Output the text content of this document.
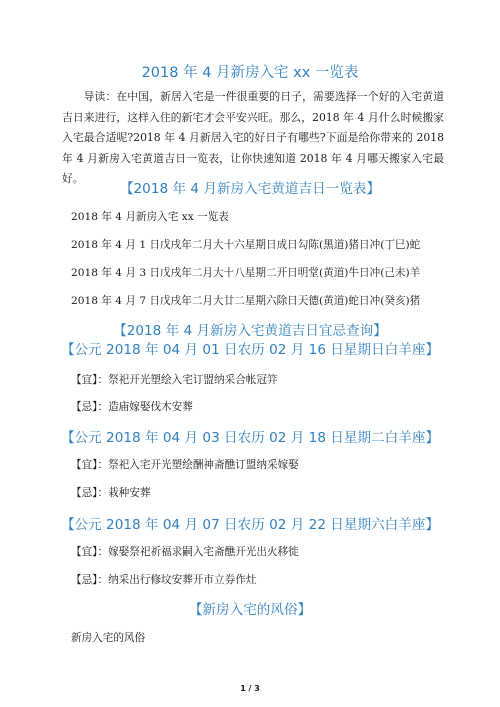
2018 年 4 月新房入宅 xx 一览表
导读：在中国，新居入宅是一件很重要的日子，需要选择一个好的入宅黄道吉日来进行，这样入住的新宅才会平安兴旺。那么，2018 年 4 月什么时候搬家入宅最合适呢?2018 年 4 月新居入宅的好日子有哪些?下面是给你带来的 2018 年 4 月新房入宅黄道吉日一览表，让你快速知道 2018 年 4 月哪天搬家入宅最好。
【2018 年 4 月新房入宅黄道吉日一览表】
2018 年 4 月新房入宅 xx 一览表
2018 年 4 月 1 日戊戌年二月大十六星期日成日勾陈(黑道)猪日冲(丁巳)蛇
2018 年 4 月 3 日戊戌年二月大十八星期二开日明堂(黄道)牛日冲(己未)羊
2018 年 4 月 7 日戊戌年二月大廿二星期六除日天德(黄道)蛇日冲(癸亥)猪
【2018 年 4 月新房入宅黄道吉日宜忌查询】
【公元 2018 年 04 月 01 日农历 02 月 16 日星期日白羊座】
【宜】：祭祀开光塑绘入宅订盟纳采合帐冠笄
【忌】：造庙嫁娶伐木安葬
【公元 2018 年 04 月 03 日农历 02 月 18 日星期二白羊座】
【宜】：祭祀入宅开光塑绘酬神斋醮订盟纳采嫁娶
【忌】：栽种安葬
【公元 2018 年 04 月 07 日农历 02 月 22 日星期六白羊座】
【宜】：嫁娶祭祀祈福求嗣入宅斋醮开光出火移徙
【忌】：纳采出行修坟安葬开市立券作灶
【新房入宅的风俗】
新房入宅的风俗
1 / 3
